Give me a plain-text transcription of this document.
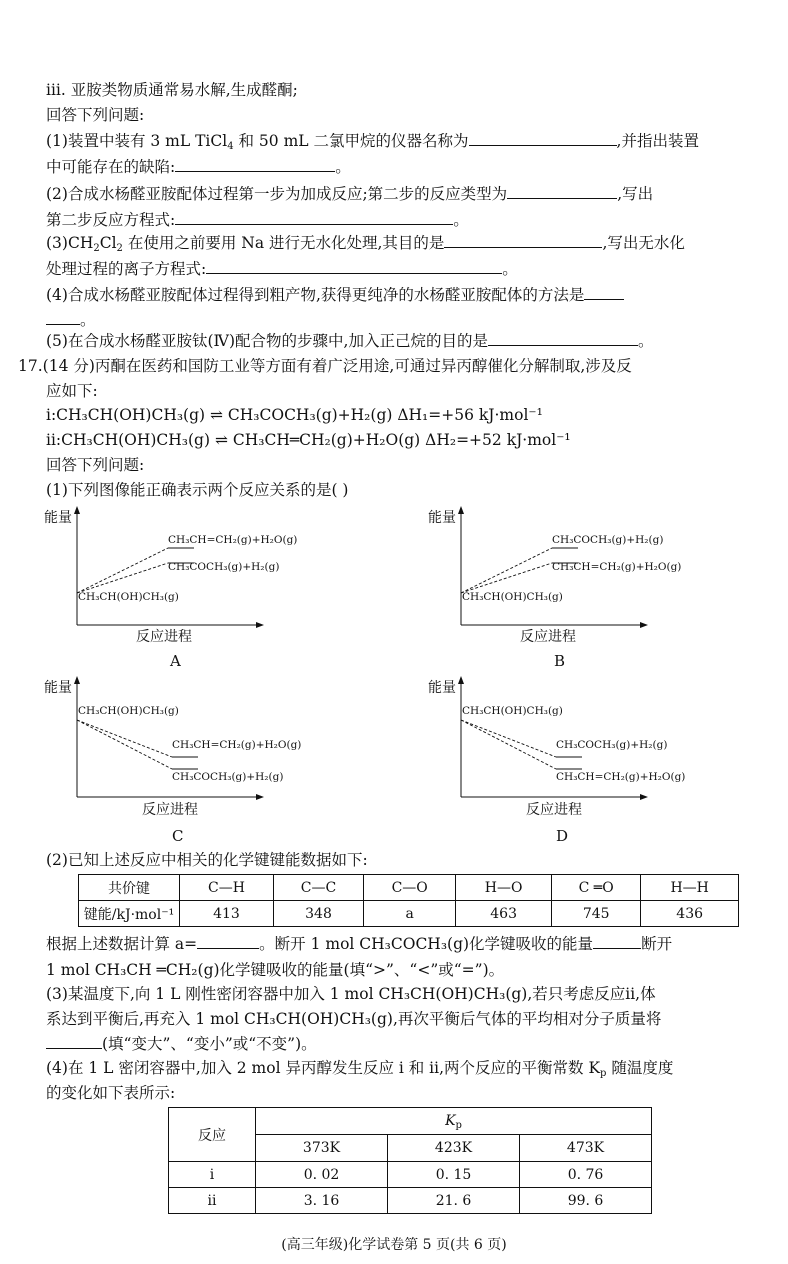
ⅲ. 亚胺类物质通常易水解,生成醛酮;
回答下列问题:
(1)装置中装有 3 mL TiCl$_4$ 和 50 mL 二氯甲烷的仪器名称为	,并指出装置
中可能存在的缺陷:	。
(2)合成水杨醛亚胺配体过程第一步为加成反应;第二步的反应类型为	,写出
第二步反应方程式:	。
$(3)CH_2Cl_2$ 在使用之前要用 Na 进行无水化处理,其目的是	,写出无水化
处理过程的离子方程式:	。
(4)合成水杨醛亚胺配体过程得到粗产物,获得更纯净的水杨醛亚胺配体的方法是
。
(5)在合成水杨醛亚胺钛(Ⅳ)配合物的步骤中,加入正己烷的目的是	。
17.(14 分)丙酮在医药和国防工业等方面有着广泛用途,可通过异丙醇催化分解制取,涉及反
应如下:
ⅰ:CH₃CH(OH)CH₃(g) ⇌ CH₃COCH₃(g)+H₂(g) ΔH₁=+56 kJ·mol⁻¹
ⅱ:CH₃CH(OH)CH₃(g) ⇌ CH₃CH═CH₂(g)+H₂O(g) ΔH₂=+52 kJ·mol⁻¹
回答下列问题:
(1)下列图像能正确表示两个反应关系的是( )
能量
反应进程
CH₃CH(OH)CH₃(g)
CH₃CH=CH₂(g)+H₂O(g)
CH₃COCH₃(g)+H₂(g)
A
能量
反应进程
CH₃CH(OH)CH₃(g)
CH₃COCH₃(g)+H₂(g)
CH₃CH=CH₂(g)+H₂O(g)
B
能量
反应进程
CH₃CH(OH)CH₃(g)
CH₃CH=CH₂(g)+H₂O(g)
CH₃COCH₃(g)+H₂(g)
C
能量
反应进程
CH₃CH(OH)CH₃(g)
CH₃COCH₃(g)+H₂(g)
CH₃CH=CH₂(g)+H₂O(g)
D
(2)已知上述反应中相关的化学键键能数据如下:
共价键	C—H	C—C	C—O	H—O	C ═O	H—H
键能/kJ·mol⁻¹	413	348	a	463	745	436
根据上述数据计算 a=	。断开 1 mol CH₃COCH₃(g)化学键吸收的能量	断开
1 mol CH₃CH ═CH₂(g)化学键吸收的能量(填“>”、“<”或“=”)。
(3)某温度下,向 1 L 刚性密闭容器中加入 1 mol CH₃CH(OH)CH₃(g),若只考虑反应ⅱ,体
系达到平衡后,再充入 1 mol CH₃CH(OH)CH₃(g),再次平衡后气体的平均相对分子质量将
(填“变大”、“变小”或“不变”)。
(4)在 1 L 密闭容器中,加入 2 mol 异丙醇发生反应 ⅰ 和 ⅱ,两个反应的平衡常数 $K_p$ 随温度度
的变化如下表所示:
反应	$K_p$
	373K	423K	473K
ⅰ	0. 02	0. 15	0. 76
ⅱ	3. 16	21. 6	99. 6
(高三年级)化学试卷第 5 页(共 6 页)
